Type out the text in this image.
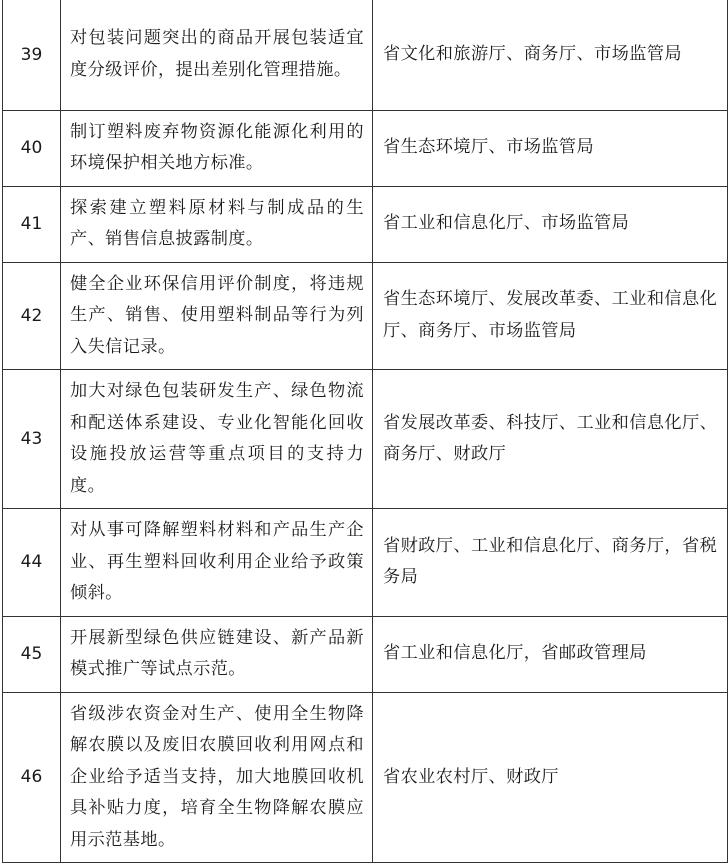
39	对包装问题突出的商品开展包装适宜度分级评价，提出差别化管理措施。	省文化和旅游厅、商务厅、市场监管局
40	制订塑料废弃物资源化能源化利用的环境保护相关地方标准。	省生态环境厅、市场监管局
41	探索建立塑料原材料与制成品的生产、销售信息披露制度。	省工业和信息化厅、市场监管局
42	健全企业环保信用评价制度，将违规生产、销售、使用塑料制品等行为列入失信记录。	省生态环境厅、发展改革委、工业和信息化厅、商务厅、市场监管局
43	加大对绿色包装研发生产、绿色物流和配送体系建设、专业化智能化回收设施投放运营等重点项目的支持力度。	省发展改革委、科技厅、工业和信息化厅、商务厅、财政厅
44	对从事可降解塑料材料和产品生产企业、再生塑料回收利用企业给予政策倾斜。	省财政厅、工业和信息化厅、商务厅，省税务局
45	开展新型绿色供应链建设、新产品新模式推广等试点示范。	省工业和信息化厅，省邮政管理局
46	省级涉农资金对生产、使用全生物降解农膜以及废旧农膜回收利用网点和企业给予适当支持，加大地膜回收机具补贴力度，培育全生物降解农膜应用示范基地。	省农业农村厅、财政厅
